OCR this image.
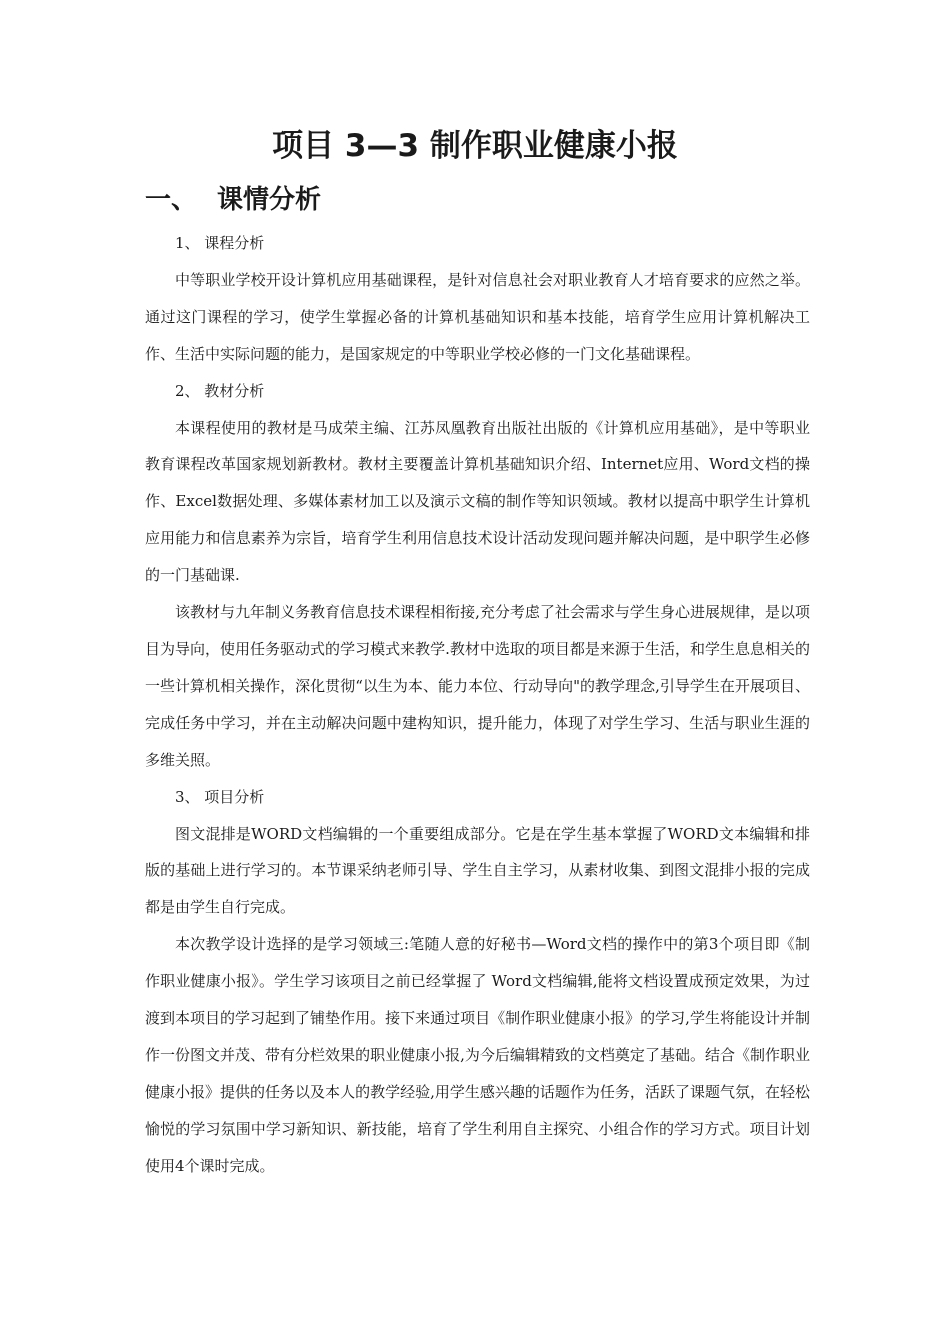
项目 3—3 制作职业健康小报
一、 课情分析

1、 课程分析

中等职业学校开设计算机应用基础课程，是针对信息社会对职业教育人才培育要求的应然之举。通过这门课程的学习，使学生掌握必备的计算机基础知识和基本技能，培育学生应用计算机解决工作、生活中实际问题的能力，是国家规定的中等职业学校必修的一门文化基础课程。

2、 教材分析

本课程使用的教材是马成荣主编、江苏凤凰教育出版社出版的《计算机应用基础》，是中等职业教育课程改革国家规划新教材。教材主要覆盖计算机基础知识介绍、Internet应用、Word文档的操作、Excel数据处理、多媒体素材加工以及演示文稿的制作等知识领域。教材以提高中职学生计算机应用能力和信息素养为宗旨，培育学生利用信息技术设计活动发现问题并解决问题，是中职学生必修的一门基础课.

该教材与九年制义务教育信息技术课程相衔接,充分考虑了社会需求与学生身心进展规律，是以项目为导向，使用任务驱动式的学习模式来教学.教材中选取的项目都是来源于生活，和学生息息相关的一些计算机相关操作，深化贯彻“以生为本、能力本位、行动导向"的教学理念,引导学生在开展项目、完成任务中学习，并在主动解决问题中建构知识，提升能力，体现了对学生学习、生活与职业生涯的多维关照。

3、 项目分析

图文混排是WORD文档编辑的一个重要组成部分。它是在学生基本掌握了WORD文本编辑和排版的基础上进行学习的。本节课采纳老师引导、学生自主学习，从素材收集、到图文混排小报的完成都是由学生自行完成。

本次教学设计选择的是学习领域三:笔随人意的好秘书—Word文档的操作中的第3个项目即《制作职业健康小报》。学生学习该项目之前已经掌握了 Word文档编辑,能将文档设置成预定效果，为过渡到本项目的学习起到了铺垫作用。接下来通过项目《制作职业健康小报》的学习,学生将能设计并制作一份图文并茂、带有分栏效果的职业健康小报,为今后编辑精致的文档奠定了基础。结合《制作职业健康小报》提供的任务以及本人的教学经验,用学生感兴趣的话题作为任务，活跃了课题气氛，在轻松愉悦的学习氛围中学习新知识、新技能，培育了学生利用自主探究、小组合作的学习方式。项目计划使用4个课时完成。
